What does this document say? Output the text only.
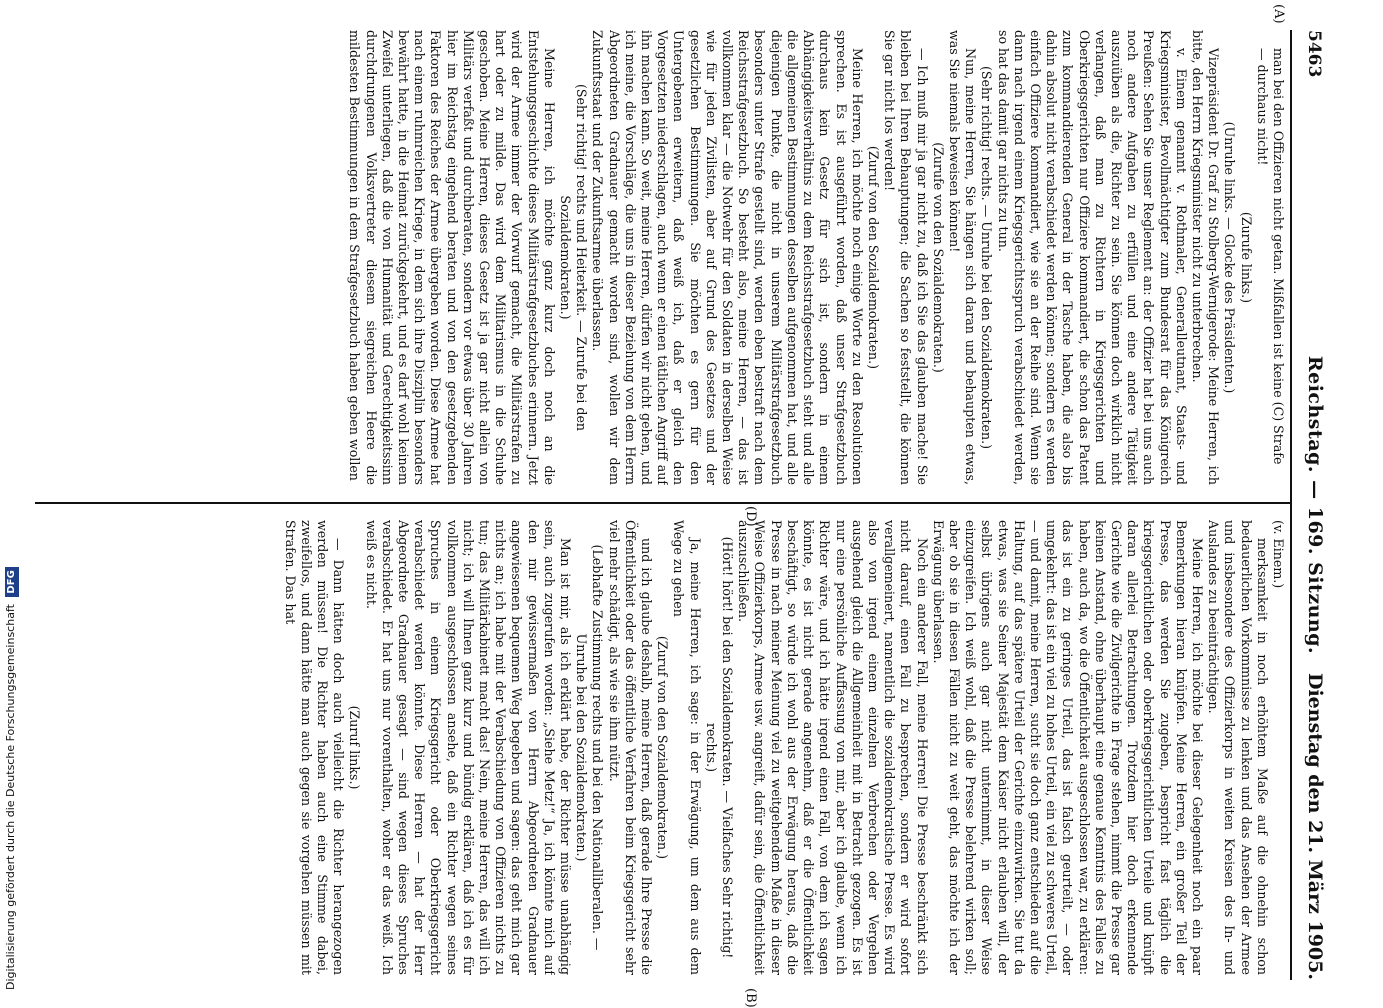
5463
Reichstag. — 169. Sitzung.
Dienstag den 21. März 1905.
(A)
(D)
(B)

man bei den Offizieren nicht getan. Mißfallen ist keine (C) Strafe

— durchaus nicht!

(Zurufe links.)

(Unruhe links. — Glocke des Präsidenten.)

Vizepräsident Dr. Graf zu Stolberg-Wernigerode: Meine Herren, ich bitte, den Herrn Kriegsminister nicht zu unterbrechen.

v. Einem genannt v. Rothmaler, Generalleutnant, Staats- und Kriegsminister, Bevollmächtigter zum Bundesrat für das Königreich Preußen: Sehen Sie unser Reglement an: der Offizier hat bei uns auch noch andere Aufgaben zu erfüllen und eine andere Tätigkeit auszuüben als die, Richter zu sein. Sie können doch wirklich nicht verlangen, daß man zu Richtern in Kriegsgerichten und Oberkriegsgerichten nur Offiziere kommandiert, die schon das Patent zum kommandierenden General in der Tasche haben, die also bis dahin absolut nicht verabschiedet werden können; sondern es werden einfach Offiziere kommandiert, wie sie an der Reihe sind. Wenn sie dann nach irgend einem Kriegsgerichtsspruch verabschiedet werden, so hat das damit gar nichts zu tun.

(Sehr richtig! rechts. — Unruhe bei den Sozialdemokraten.)

Nun, meine Herren, Sie hängen sich daran und behaupten etwas, was Sie niemals beweisen können!

(Zurufe von den Sozialdemokraten.)

— Ich muß mir ja gar nicht zu, daß ich Sie das glauben mache! Sie bleiben bei Ihren Behauptungen; die Sachen so feststellt, die können Sie gar nicht los werden!

(Zuruf von den Sozialdemokraten.)

Meine Herren, ich möchte noch einige Worte zu den Resolutionen sprechen. Es ist ausgeführt worden, daß unser Strafgesetzbuch durchaus kein Gesetz für sich ist, sondern in einem Abhängigkeitsverhältnis zu dem Reichsstrafgesetzbuch steht und alle die allgemeinen Bestimmungen desselben aufgenommen hat, und alle diejenigen Punkte, die nicht in unserem Militärstrafgesetzbuch besonders unter Strafe gestellt sind, werden eben bestraft nach dem Reichsstrafgesetzbuch. So besteht also, meine Herren, — das ist vollkommen klar — die Notwehr für den Soldaten in derselben Weise wie für jeden Zivilisten, aber auf Grund des Gesetzes und der gesetzlichen Bestimmungen. Sie möchten es gern für den Untergebenen erweitern, daß weiß ich, daß er gleich den Vorgesetzten niederschlagen, auch wenn er einen tätlichen Angriff auf ihn machen kann. So weit, meine Herren, dürfen wir nicht gehen, und ich meine, die Vorschläge, die uns in dieser Beziehung von dem Herrn Abgeordneten Gradnauer gemacht worden sind, wollen wir dem Zukunftsstaat und der Zukunftsarmee überlassen.

(Sehr richtig! rechts und Heiterkeit. — Zurufe bei den Sozialdemokraten.)

Meine Herren, ich möchte ganz kurz doch noch an die Entstehungsgeschichte dieses Militärstrafgesetzbuches erinnern. Jetzt wird der Armee immer der Vorwurf gemacht, die Militärstrafen zu hart oder zu milde. Das wird dem Militarismus in die Schuhe geschoben. Meine Herren, dieses Gesetz ist ja gar nicht allein von Militärs verfaßt und durchberaten, sondern vor etwas über 30 Jahren hier im Reichstag eingehend beraten und von den gesetzgebenden Faktoren des Reiches der Armee übergeben worden. Diese Armee hat nach einem ruhmreichen Kriege, in dem sich ihre Disziplin besonders bewährt hatte, in die Heimat zurückgekehrt, und es darf wohl keinem Zweifel unterliegen, daß die von Humanität und Gerechtigkeitssinn durchdrungenen Volksvertreter diesem siegreichen Heere die mildesten Bestimmungen in dem Strafgesetzbuch haben geben wollen

(v. Einem.)

merksamkeit in noch erhöhtem Maße auf die ohnehin schon bedauerlichen Vorkommnisse zu lenken und das Ansehen der Armee und insbesondere des Offizierkorps in weiten Kreisen des In- und Auslandes zu beeinträchtigen.

Meine Herren, ich möchte bei dieser Gelegenheit noch ein paar Bemerkungen hieran knüpfen. Meine Herren, ein großer Teil der Presse, das werden Sie zugeben, bespricht fast täglich die kriegsgerichtlichen oder oberkriegsgerichtlichen Urteile und knüpft daran allerlei Betrachtungen. Trotzdem hier doch erkennende Gerichte wie die Zivilgerichte in Frage stehen, nimmt die Presse gar keinen Anstand, ohne überhaupt eine genaue Kenntnis des Falles zu haben, auch da, wo die Öffentlichkeit ausgeschlossen war, zu erklären: das ist ein zu geringes Urteil, das ist falsch geurteilt, — oder umgekehrt: das ist ein viel zu hohes Urteil, ein viel zu schweres Urteil, — und damit, meine Herren, sucht sie doch ganz entschieden auf die Haltung, auf das spätere Urteil der Gerichte einzuwirken. Sie tut da etwas, was sie Seiner Majestät dem Kaiser nicht erlauben will, der selbst übrigens auch gar nicht unternimmt, in dieser Weise einzugreifen. Ich weiß wohl, daß die Presse belehrend wirken soll; aber ob sie in diesen Fällen nicht zu weit geht, das möchte ich der Erwägung überlassen.

Noch ein anderer Fall, meine Herren! Die Presse beschränkt sich nicht darauf, einen Fall zu besprechen, sondern er wird sofort verallgemeinert, namentlich die sozialdemokratische Presse. Es wird also von irgend einem einzelnen Verbrechen oder Vergehen ausgehend gleich die Allgemeinheit mit in Betracht gezogen. Es ist nur eine persönliche Auffassung von mir, aber ich glaube, wenn ich Richter wäre, und ich hätte irgend einen Fall, von dem ich sagen könnte, es ist nicht gerade angenehm, daß er die Öffentlichkeit beschäftigt, so würde ich wohl aus der Erwägung heraus, daß die Presse in nach meiner Meinung viel zu weitgehendem Maße in dieser Weise Offizierkorps, Armee usw. angreift, dafür sein, die Öffentlichkeit auszuschließen.

(Hört! hört! bei den Sozialdemokraten. — Vielfaches Sehr richtig! rechts.)

Ja, meine Herren, ich sage: in der Erwägung, um dem aus dem Wege zu gehen

(Zuruf von den Sozialdemokraten.)

und ich glaube deshalb, meine Herren, daß gerade Ihre Presse die Öffentlichkeit oder das öffentliche Verfahren beim Kriegsgericht sehr viel mehr schädigt, als wie sie ihm nützt.

(Lebhafte Zustimmung rechts und bei den Nationalliberalen. — Unruhe bei den Sozialdemokraten.)

Man ist mir, als ich erklärt habe, der Richter müsse unabhängig sein, auch zugerufen worden: „Siehe Metz!“ Ja, ich könnte mich auf den mir gewissermaßen von Herrn Abgeordneten Gradnauer angewiesenen bequemen Weg begeben und sagen: das geht mich gar nichts an; ich habe mit der Verabschiedung von Offizieren nichts zu tun; das Militärkabinett macht das! Nein, meine Herren, das will ich nicht; ich will Ihnen ganz kurz und bündig erklären, daß ich es für vollkommen ausgeschlossen ansehe, daß ein Richter wegen seines Spruches in einem Kriegsgericht oder Oberkriegsgericht verabschiedet werden könnte. Diese Herren — hat der Herr Abgeordnete Gradnauer gesagt — sind wegen dieses Spruches verabschiedet. Er hat uns nur vorenthalten, woher er das weiß. Ich weiß es nicht.

(Zuruf links.)

— Dann hätten doch auch vielleicht die Richter herangezogen werden müssen! Die Richter haben auch eine Stimme dabei, zweifellos, und dann hätte man auch gegen sie vorgehen müssen mit Strafen. Das hat

Digitalisierung gefördert durch die Deutsche Forschungsgemeinschaft DFG
